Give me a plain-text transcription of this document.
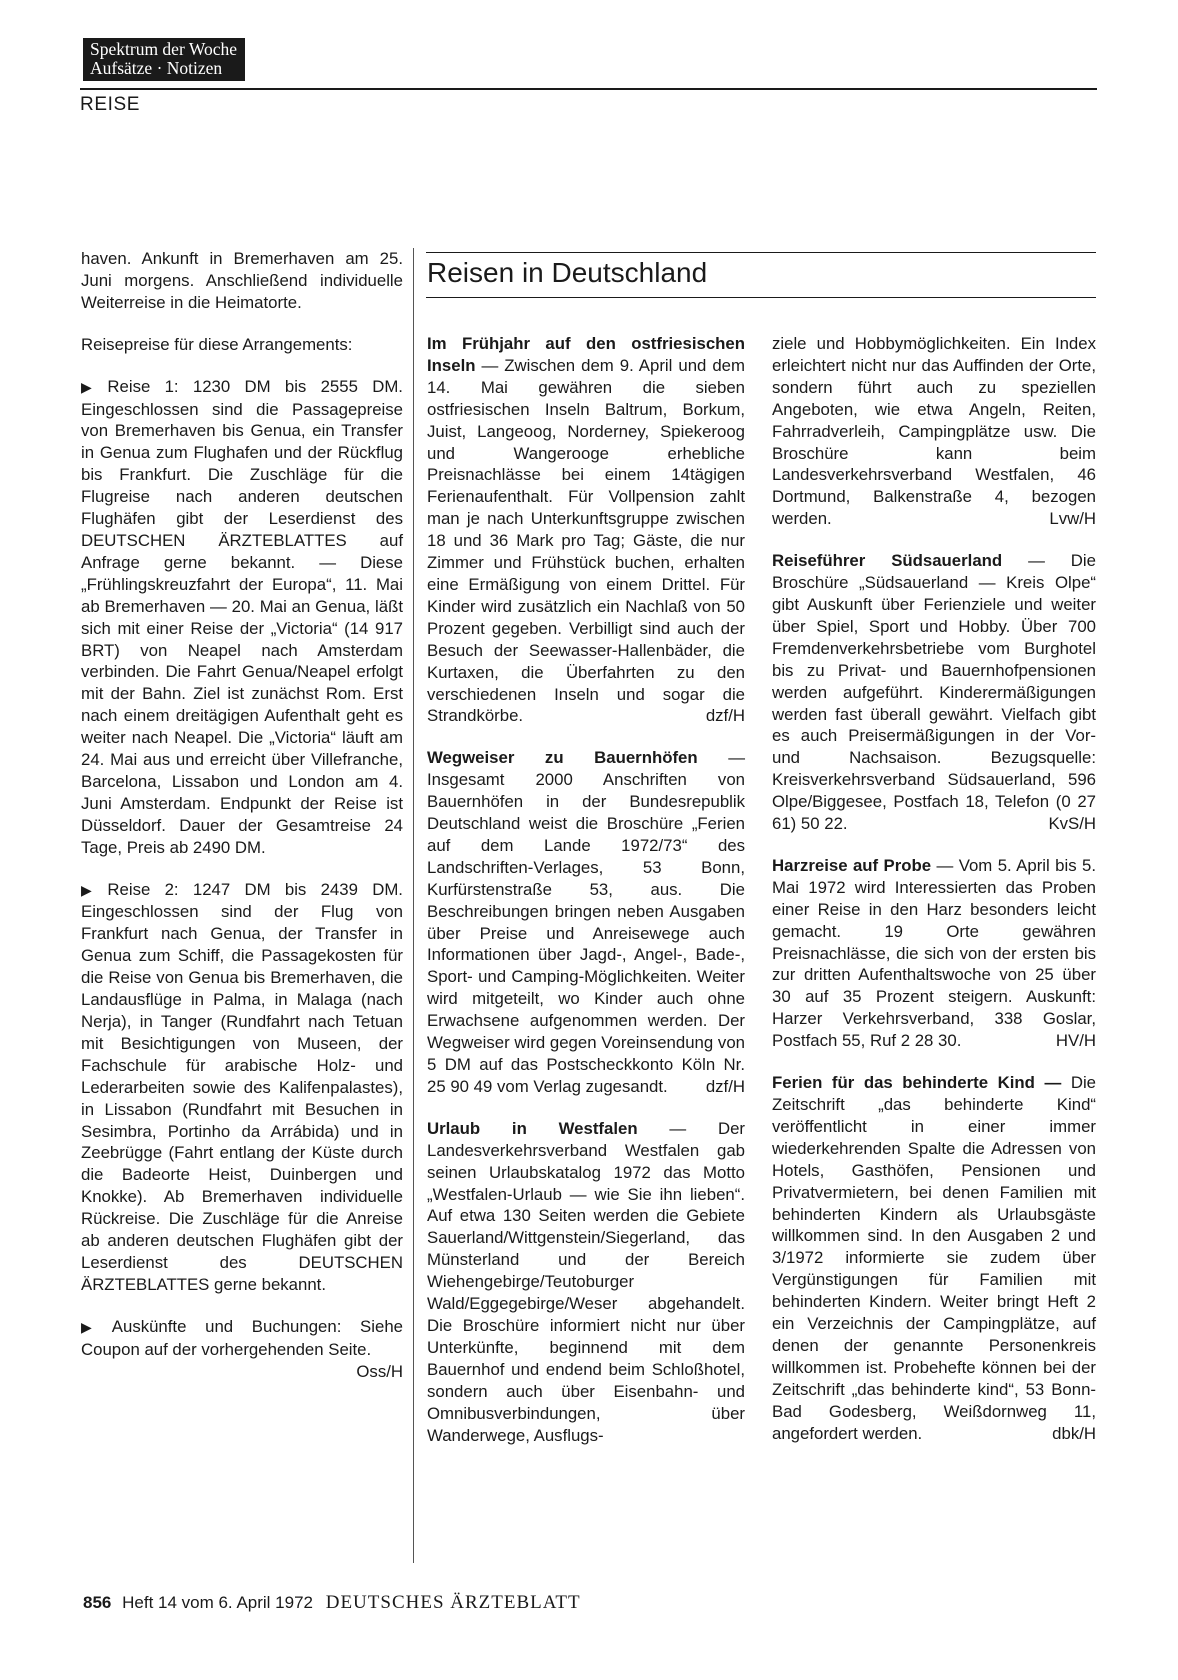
Spektrum der Woche
Aufsätze · Notizen
REISE
Reisen in Deutschland

haven. Ankunft in Bremerhaven am 25. Juni morgens. Anschließend individuelle Weiterreise in die Heimatorte.

Reisepreise für diese Arrangements:

▶ Reise 1: 1230 DM bis 2555 DM. Eingeschlossen sind die Passagepreise von Bremerhaven bis Genua, ein Transfer in Genua zum Flughafen und der Rückflug bis Frankfurt. Die Zuschläge für die Flugreise nach anderen deutschen Flughäfen gibt der Leserdienst des DEUTSCHEN ÄRZTEBLATTES auf Anfrage gerne bekannt. — Diese „Frühlingskreuzfahrt der Europa“, 11. Mai ab Bremerhaven — 20. Mai an Genua, läßt sich mit einer Reise der „Victoria“ (14 917 BRT) von Neapel nach Amsterdam verbinden. Die Fahrt Genua/Neapel erfolgt mit der Bahn. Ziel ist zunächst Rom. Erst nach einem dreitägigen Aufenthalt geht es weiter nach Neapel. Die „Victoria“ läuft am 24. Mai aus und erreicht über Villefranche, Barcelona, Lissabon und London am 4. Juni Amsterdam. Endpunkt der Reise ist Düsseldorf. Dauer der Gesamtreise 24 Tage, Preis ab 2490 DM.

▶ Reise 2: 1247 DM bis 2439 DM. Eingeschlossen sind der Flug von Frankfurt nach Genua, der Transfer in Genua zum Schiff, die Passagekosten für die Reise von Genua bis Bremerhaven, die Landausflüge in Palma, in Malaga (nach Nerja), in Tanger (Rundfahrt nach Tetuan mit Besichtigungen von Museen, der Fachschule für arabische Holz- und Lederarbeiten sowie des Kalifenpalastes), in Lissabon (Rundfahrt mit Besuchen in Sesimbra, Portinho da Arrábida) und in Zeebrügge (Fahrt entlang der Küste durch die Badeorte Heist, Duinbergen und Knokke). Ab Bremerhaven individuelle Rückreise. Die Zuschläge für die Anreise ab anderen deutschen Flughäfen gibt der Leserdienst des DEUTSCHEN ÄRZTEBLATTES gerne bekannt.

▶ Auskünfte und Buchungen: Siehe Coupon auf der vorhergehenden Seite.
Oss/H

Im Frühjahr auf den ostfriesischen Inseln — Zwischen dem 9. April und dem 14. Mai gewähren die sieben ostfriesischen Inseln Baltrum, Borkum, Juist, Langeoog, Norderney, Spiekeroog und Wangerooge erhebliche Preisnachlässe bei einem 14tägigen Ferienaufenthalt. Für Vollpension zahlt man je nach Unterkunftsgruppe zwischen 18 und 36 Mark pro Tag; Gäste, die nur Zimmer und Frühstück buchen, erhalten eine Ermäßigung von einem Drittel. Für Kinder wird zusätzlich ein Nachlaß von 50 Prozent gegeben. Verbilligt sind auch der Besuch der Seewasser-Hallenbäder, die Kurtaxen, die Überfahrten zu den verschiedenen Inseln und sogar die Strandkörbe.	dzf/H

Wegweiser zu Bauernhöfen — Insgesamt 2000 Anschriften von Bauernhöfen in der Bundesrepublik Deutschland weist die Broschüre „Ferien auf dem Lande 1972/73“ des Landschriften-Verlages, 53 Bonn, Kurfürstenstraße 53, aus. Die Beschreibungen bringen neben Ausgaben über Preise und Anreisewege auch Informationen über Jagd-, Angel-, Bade-, Sport- und Camping-Möglichkeiten. Weiter wird mitgeteilt, wo Kinder auch ohne Erwachsene aufgenommen werden. Der Wegweiser wird gegen Voreinsendung von 5 DM auf das Postscheckkonto Köln Nr. 25 90 49 vom Verlag zugesandt. dzf/H

Urlaub in Westfalen — Der Landesverkehrsverband Westfalen gab seinen Urlaubskatalog 1972 das Motto „Westfalen-Urlaub — wie Sie ihn lieben“. Auf etwa 130 Seiten werden die Gebiete Sauerland/Wittgenstein/Siegerland, das Münsterland und der Bereich Wiehengebirge/Teutoburger Wald/Eggegebirge/Weser abgehandelt. Die Broschüre informiert nicht nur über Unterkünfte, beginnend mit dem Bauernhof und endend beim Schloßhotel, sondern auch über Eisenbahn- und Omnibusverbindungen, über Wanderwege, Ausflugs-

ziele und Hobbymöglichkeiten. Ein Index erleichtert nicht nur das Auffinden der Orte, sondern führt auch zu speziellen Angeboten, wie etwa Angeln, Reiten, Fahrradverleih, Campingplätze usw. Die Broschüre kann beim Landesverkehrsverband Westfalen, 46 Dortmund, Balkenstraße 4, bezogen werden.	Lvw/H

Reiseführer Südsauerland — Die Broschüre „Südsauerland — Kreis Olpe“ gibt Auskunft über Ferienziele und weiter über Spiel, Sport und Hobby. Über 700 Fremdenverkehrsbetriebe vom Burghotel bis zu Privat- und Bauernhofpensionen werden aufgeführt. Kinderermäßigungen werden fast überall gewährt. Vielfach gibt es auch Preisermäßigungen in der Vor- und Nachsaison. Bezugsquelle: Kreisverkehrsverband Südsauerland, 596 Olpe/Biggesee, Postfach 18, Telefon (0 27 61) 50 22.	KvS/H

Harzreise auf Probe — Vom 5. April bis 5. Mai 1972 wird Interessierten das Proben einer Reise in den Harz besonders leicht gemacht. 19 Orte gewähren Preisnachlässe, die sich von der ersten bis zur dritten Aufenthaltswoche von 25 über 30 auf 35 Prozent steigern. Auskunft: Harzer Verkehrsverband, 338 Goslar, Postfach 55, Ruf 2 28 30.	HV/H

Ferien für das behinderte Kind — Die Zeitschrift „das behinderte Kind“ veröffentlicht in einer immer wiederkehrenden Spalte die Adressen von Hotels, Gasthöfen, Pensionen und Privatvermietern, bei denen Familien mit behinderten Kindern als Urlaubsgäste willkommen sind. In den Ausgaben 2 und 3/1972 informierte sie zudem über Vergünstigungen für Familien mit behinderten Kindern. Weiter bringt Heft 2 ein Verzeichnis der Campingplätze, auf denen der genannte Personenkreis willkommen ist. Probehefte können bei der Zeitschrift „das behinderte kind“, 53 Bonn-Bad Godesberg, Weißdornweg 11, angefordert werden.	dbk/H

856 Heft 14 vom 6. April 1972 DEUTSCHES ÄRZTEBLATT
